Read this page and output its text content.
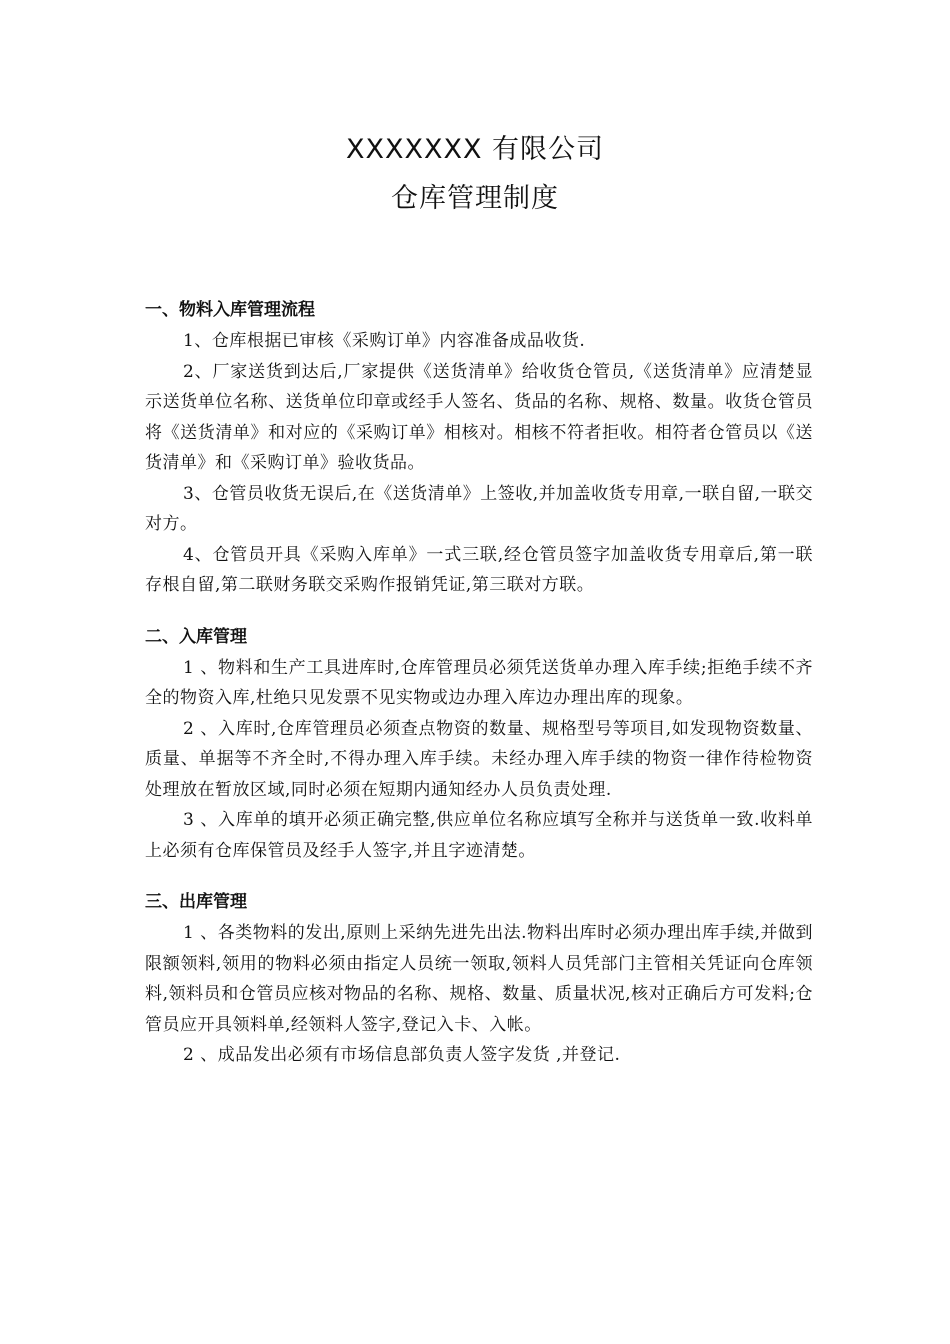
XXXXXXX 有限公司
仓库管理制度
一、物料入库管理流程

1、仓库根据已审核《采购订单》内容准备成品收货.

2、厂家送货到达后,厂家提供《送货清单》给收货仓管员,《送货清单》应清楚显示送货单位名称、送货单位印章或经手人签名、货品的名称、规格、数量。收货仓管员将《送货清单》和对应的《采购订单》相核对。相核不符者拒收。相符者仓管员以《送货清单》和《采购订单》验收货品。

3、仓管员收货无误后,在《送货清单》上签收,并加盖收货专用章,一联自留,一联交对方。

4、仓管员开具《采购入库单》一式三联,经仓管员签字加盖收货专用章后,第一联存根自留,第二联财务联交采购作报销凭证,第三联对方联。

二、入库管理

1 、物料和生产工具进库时,仓库管理员必须凭送货单办理入库手续;拒绝手续不齐全的物资入库,杜绝只见发票不见实物或边办理入库边办理出库的现象。

2 、入库时,仓库管理员必须查点物资的数量、规格型号等项目,如发现物资数量、质量、单据等不齐全时,不得办理入库手续。未经办理入库手续的物资一律作待检物资处理放在暂放区域,同时必须在短期内通知经办人员负责处理.

3 、入库单的填开必须正确完整,供应单位名称应填写全称并与送货单一致.收料单上必须有仓库保管员及经手人签字,并且字迹清楚。

三、出库管理

1 、各类物料的发出,原则上采纳先进先出法.物料出库时必须办理出库手续,并做到限额领料,领用的物料必须由指定人员统一领取,领料人员凭部门主管相关凭证向仓库领料,领料员和仓管员应核对物品的名称、规格、数量、质量状况,核对正确后方可发料;仓管员应开具领料单,经领料人签字,登记入卡、入帐。

2 、成品发出必须有市场信息部负责人签字发货 ,并登记.
